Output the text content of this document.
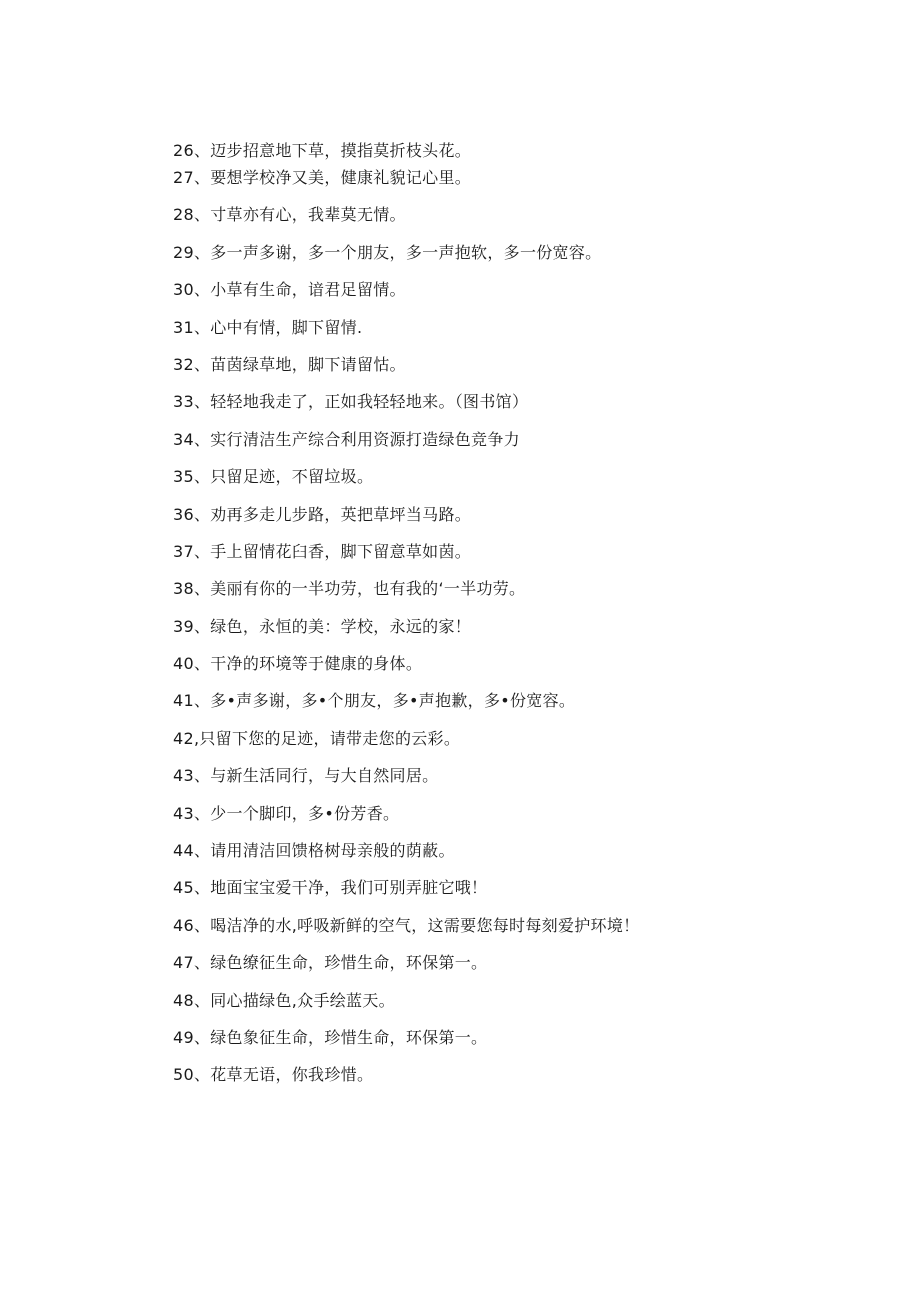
26、迈步招意地下草，摸指莫折枝头花。
27、要想学校净又美，健康礼貌记心里。
28、寸草亦有心，我辈莫无情。
29、多一声多谢，多一个朋友，多一声抱软，多一份宽容。
30、小草有生命，谙君足留情。
31、心中有情，脚下留情.
32、苗茵绿草地，脚下请留怙。
33、轻轻地我走了，正如我轻轻地来。（图书馆）
34、实行清洁生产综合利用资源打造绿色竞争力
35、只留足迹，不留垃圾。
36、劝再多走儿步路，英把草坪当马路。
37、手上留情花臼香，脚下留意草如茵。
38、美丽有你的一半功劳，也有我的‘一半功劳。
39、绿色，永恒的美：学校，永远的家！
40、干净的环境等于健康的身体。
41、多•声多谢，多•个朋友，多•声抱歉，多•份宽容。
42,只留下您的足迹，请带走您的云彩。
43、与新生活同行，与大自然同居。
43、少一个脚印，多•份芳香。
44、请用清洁回馈格树母亲般的荫蔽。
45、地面宝宝爱干净，我们可别弄脏它哦！
46、喝洁净的水,呼吸新鲜的空气，这需要您每时每刻爱护环境！
47、绿色缭征生命，珍惜生命，环保第一。
48、同心描绿色,众手绘蓝天。
49、绿色象征生命，珍惜生命，环保第一。
50、花草无语，你我珍惜。
